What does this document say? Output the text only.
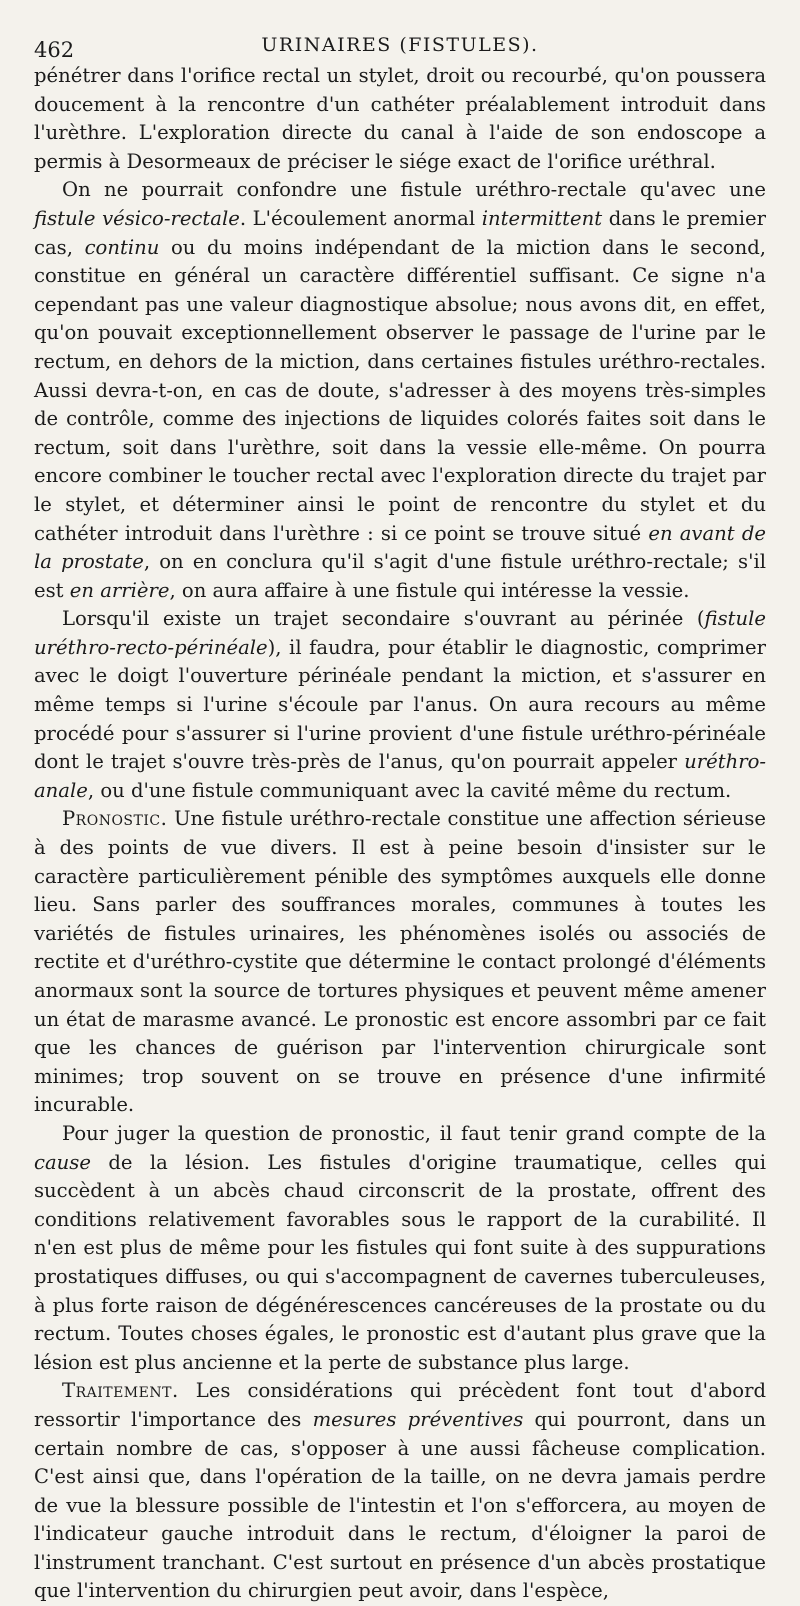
462	URINAIRES (FISTULES).

pénétrer dans l'orifice rectal un stylet, droit ou recourbé, qu'on poussera doucement à la rencontre d'un cathéter préalablement introduit dans l'urèthre. L'exploration directe du canal à l'aide de son endoscope a permis à Desormeaux de préciser le siége exact de l'orifice uréthral.

On ne pourrait confondre une fistule uréthro-rectale qu'avec une fistule vésico-rectale. L'écoulement anormal intermittent dans le premier cas, continu ou du moins indépendant de la miction dans le second, constitue en général un caractère différentiel suffisant. Ce signe n'a cependant pas une valeur diagnostique absolue; nous avons dit, en effet, qu'on pouvait exceptionnellement observer le passage de l'urine par le rectum, en dehors de la miction, dans certaines fistules uréthro-rectales. Aussi devra-t-on, en cas de doute, s'adresser à des moyens très-simples de contrôle, comme des injections de liquides colorés faites soit dans le rectum, soit dans l'urèthre, soit dans la vessie elle-même. On pourra encore combiner le toucher rectal avec l'exploration directe du trajet par le stylet, et déterminer ainsi le point de rencontre du stylet et du cathéter introduit dans l'urèthre : si ce point se trouve situé en avant de la prostate, on en conclura qu'il s'agit d'une fistule uréthro-rectale; s'il est en arrière, on aura affaire à une fistule qui intéresse la vessie.

Lorsqu'il existe un trajet secondaire s'ouvrant au périnée (fistule uréthro-recto-périnéale), il faudra, pour établir le diagnostic, comprimer avec le doigt l'ouverture périnéale pendant la miction, et s'assurer en même temps si l'urine s'écoule par l'anus. On aura recours au même procédé pour s'assurer si l'urine provient d'une fistule uréthro-périnéale dont le trajet s'ouvre très-près de l'anus, qu'on pourrait appeler uréthro-anale, ou d'une fistule communiquant avec la cavité même du rectum.

Pronostic. Une fistule uréthro-rectale constitue une affection sérieuse à des points de vue divers. Il est à peine besoin d'insister sur le caractère particulièrement pénible des symptômes auxquels elle donne lieu. Sans parler des souffrances morales, communes à toutes les variétés de fistules urinaires, les phénomènes isolés ou associés de rectite et d'uréthro-cystite que détermine le contact prolongé d'éléments anormaux sont la source de tortures physiques et peuvent même amener un état de marasme avancé. Le pronostic est encore assombri par ce fait que les chances de guérison par l'intervention chirurgicale sont minimes; trop souvent on se trouve en présence d'une infirmité incurable.

Pour juger la question de pronostic, il faut tenir grand compte de la cause de la lésion. Les fistules d'origine traumatique, celles qui succèdent à un abcès chaud circonscrit de la prostate, offrent des conditions relativement favorables sous le rapport de la curabilité. Il n'en est plus de même pour les fistules qui font suite à des suppurations prostatiques diffuses, ou qui s'accompagnent de cavernes tuberculeuses, à plus forte raison de dégénérescences cancéreuses de la prostate ou du rectum. Toutes choses égales, le pronostic est d'autant plus grave que la lésion est plus ancienne et la perte de substance plus large.

Traitement. Les considérations qui précèdent font tout d'abord ressortir l'importance des mesures préventives qui pourront, dans un certain nombre de cas, s'opposer à une aussi fâcheuse complication. C'est ainsi que, dans l'opération de la taille, on ne devra jamais perdre de vue la blessure possible de l'intestin et l'on s'efforcera, au moyen de l'indicateur gauche introduit dans le rectum, d'éloigner la paroi de l'instrument tranchant. C'est surtout en présence d'un abcès prostatique que l'intervention du chirurgien peut avoir, dans l'espèce,
